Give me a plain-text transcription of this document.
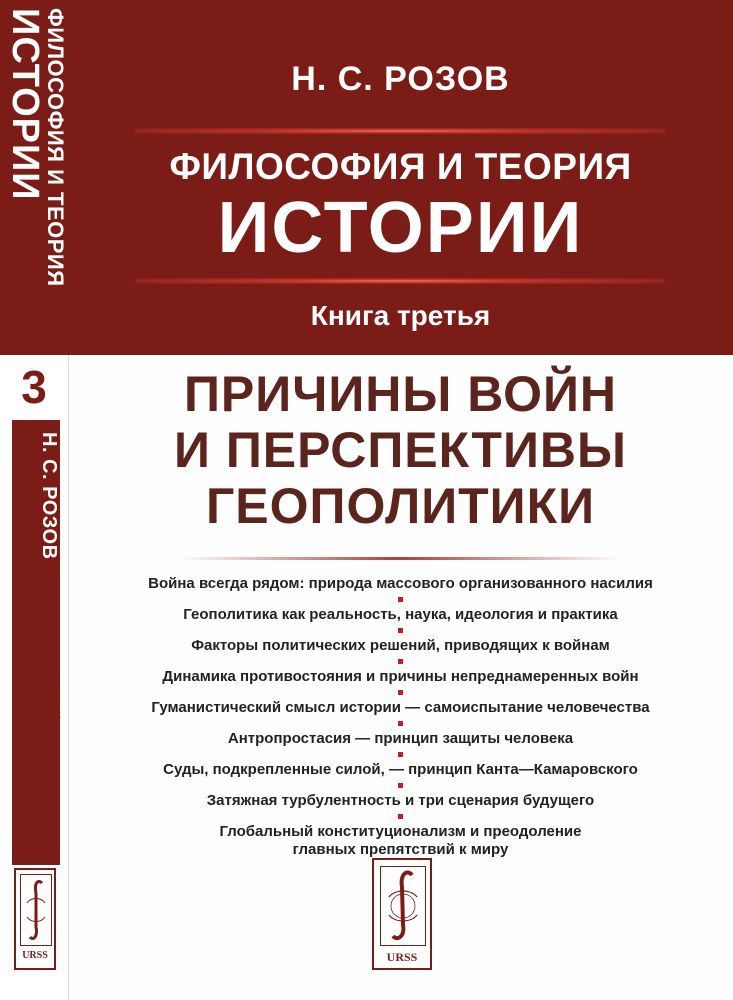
ФИЛОСОФИЯ И ТЕОРИЯ
ИСТОРИИ
3
Н. С. РОЗОВ
ПРИЧИНЫ ВОЙН И
ПЕРСПЕКТИВЫ ГЕОПОЛИТИКИ
URSS
Н. С. РОЗОВ
ФИЛОСОФИЯ И ТЕОРИЯ
ИСТОРИИ
Книга третья
ПРИЧИНЫ ВОЙН
И ПЕРСПЕКТИВЫ
ГЕОПОЛИТИКИ
Война всегда рядом: природа массового организованного насилия
Геополитика как реальность, наука, идеология и практика
Факторы политических решений, приводящих к войнам
Динамика противостояния и причины непреднамеренных войн
Гуманистический смысл истории — самоиспытание человечества
Антропростасия — принцип защиты человека
Суды, подкрепленные силой, — принцип Канта—Камаровского
Затяжная турбулентность и три сценария будущего
Глобальный конституционализм и преодоление
главных препятствий к миру
URSS
